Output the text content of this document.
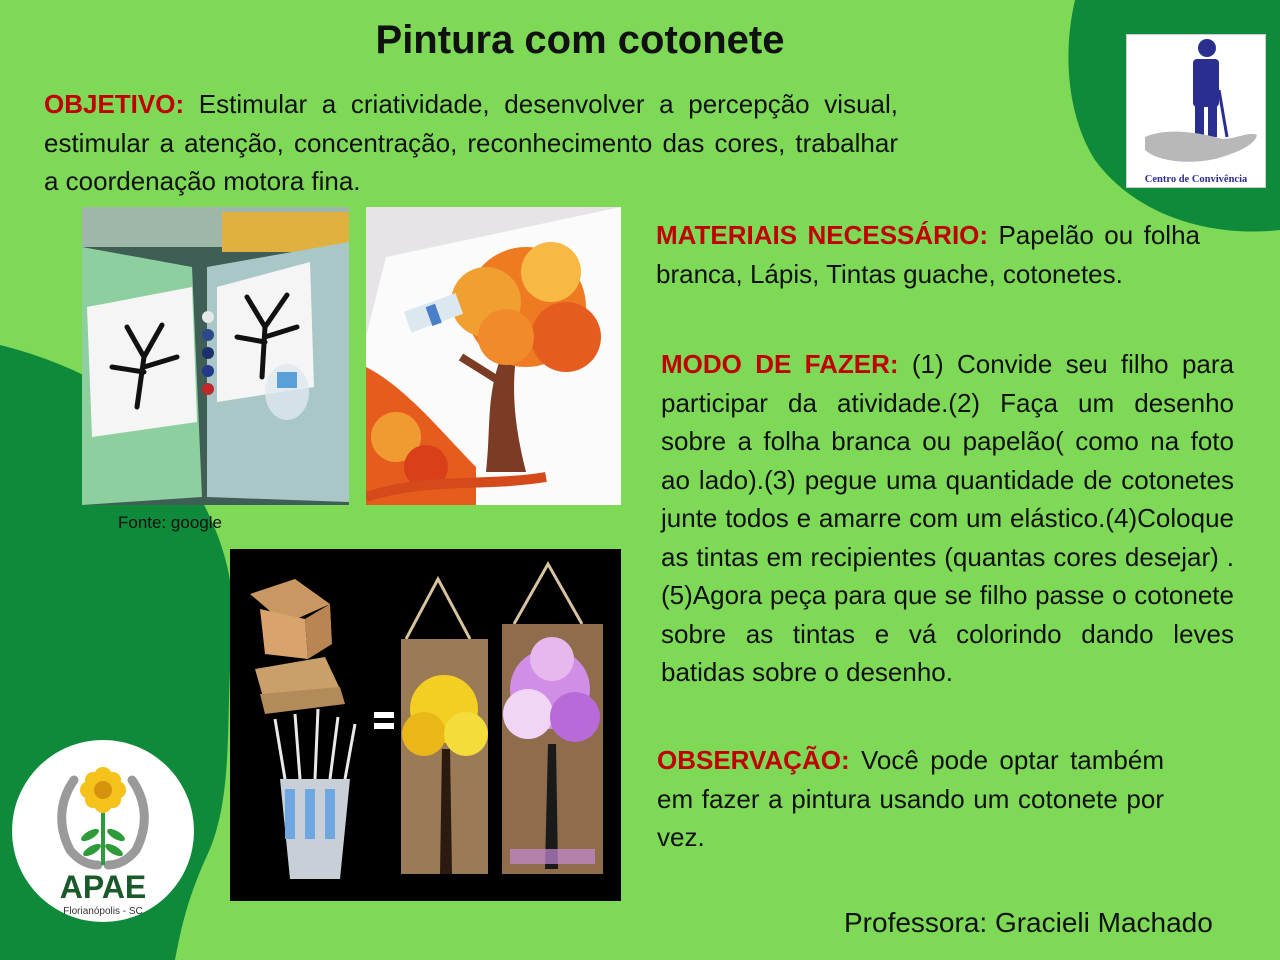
Pintura com cotonete
OBJETIVO: Estimular a criatividade, desenvolver a percepção visual, estimular a atenção, concentração, reconhecimento das cores, trabalhar a coordenação motora fina.
Fonte: google
MATERIAIS NECESSÁRIO: Papelão ou folha branca, Lápis, Tintas guache, cotonetes.
MODO DE FAZER: (1) Convide seu filho para participar da atividade.(2) Faça um desenho sobre a folha branca ou papelão( como na foto ao lado).(3) pegue uma quantidade de cotonetes junte todos e amarre com um elástico.(4)Coloque as tintas em recipientes (quantas cores desejar) .(5)Agora peça para que se filho passe o cotonete sobre as tintas e vá colorindo dando leves batidas sobre o desenho.
OBSERVAÇÃO: Você pode optar também em fazer a pintura usando um cotonete por vez.
Professora: Gracieli Machado
Centro de Convivência
APAE
Florianópolis - SC
